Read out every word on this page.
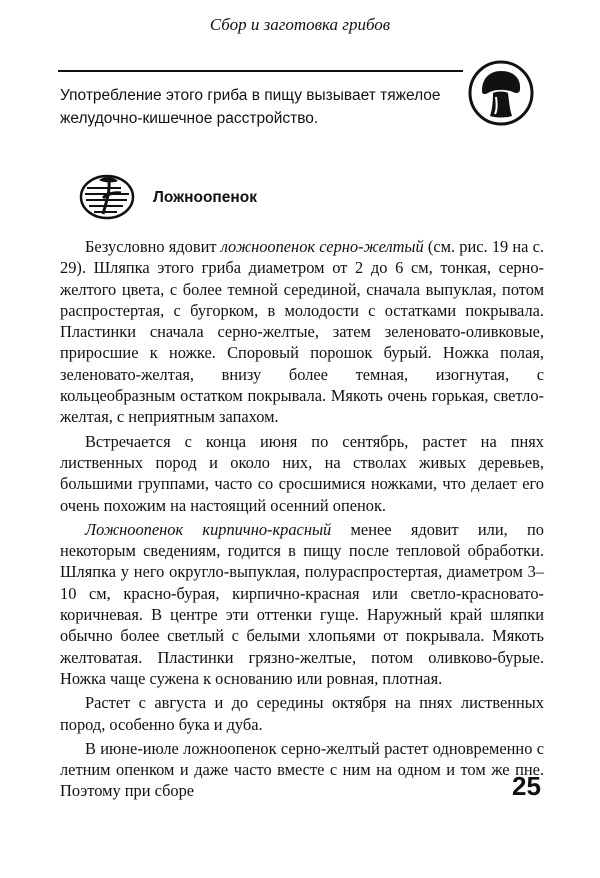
Сбор и заготовка грибов
Употребление этого гриба в пищу вызывает тяжелое желудочно-кишечное расстройство.
Ложноопенок

Безусловно ядовит ложноопенок серно-желтый (см. рис. 19 на с. 29). Шляпка этого гриба диаметром от 2 до 6 см, тонкая, серно-желтого цвета, с более темной серединой, сначала выпуклая, потом распростертая, с бугорком, в молодости с остатками покрывала. Пластинки сначала серно-желтые, затем зеленовато-оливковые, приросшие к ножке. Споровый порошок бурый. Ножка полая, зеленовато-желтая, внизу более темная, изогнутая, с кольцеобразным остатком покрывала. Мякоть очень горькая, светло-желтая, с неприятным запахом.

Встречается с конца июня по сентябрь, растет на пнях лиственных пород и около них, на стволах живых деревьев, большими группами, часто со сросшимися ножками, что делает его очень похожим на настоящий осенний опенок.

Ложноопенок кирпично-красный менее ядовит или, по некоторым сведениям, годится в пищу после тепловой обработки. Шляпка у него округло-выпуклая, полураспростертая, диаметром 3–10 см, красно-бурая, кирпично-красная или светло-красновато-коричневая. В центре эти оттенки гуще. Наружный край шляпки обычно более светлый с белыми хлопьями от покрывала. Мякоть желтоватая. Пластинки грязно-желтые, потом оливково-бурые. Ножка чаще сужена к основанию или ровная, плотная.

Растет с августа и до середины октября на пнях лиственных пород, особенно бука и дуба.

В июне-июле ложноопенок серно-желтый растет одновременно с летним опенком и даже часто вместе с ним на одном и том же пне. Поэтому при сборе	25
